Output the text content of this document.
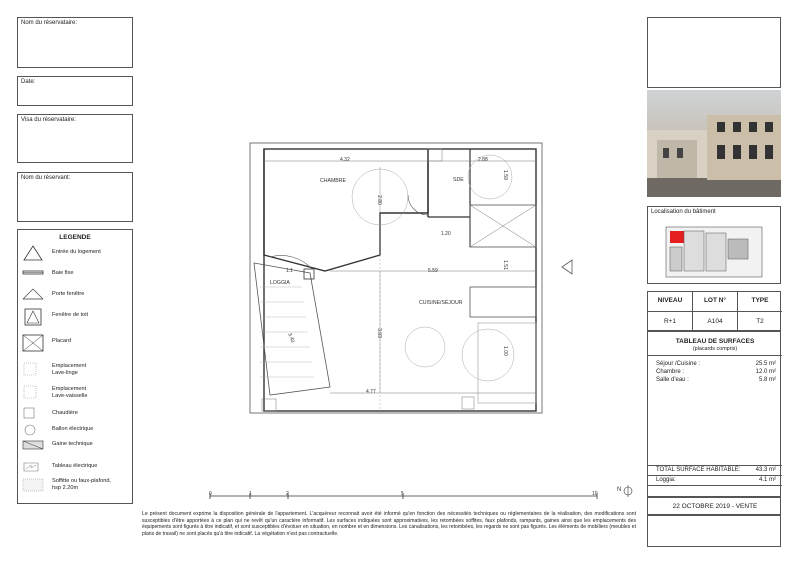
Nom du réservataire:
Date:
Visa du réservataire:
Nom du réservant:
LEGENDE
Entrée du logement
Baie fixe
Porte fenêtre
Fenêtre de toit
Placard
Emplacement
Lave-linge
Emplacement
Lave-vaisselle
Chaudière
Ballon électrique
Gaine technique
Tableau électrique
Soffitte ou faux-plafond,
hsp 2.20m
CHAMBRE	SDE
CUISINE/SÉJOUR
LOGGIA
4.32	2.88
2.80
1.59
1.20
5.59
1.51
3.93
3.40
1.00
4.77
1.1
0	1	2	5	10
N
Le présent document exprime la disposition générale de l'appartement. L'acquéreur reconnait avoir été informé qu'en fonction des nécessités techniques ou réglementaires de la réalisation, des modifications sont susceptibles d'être apportées à ce plan qui ne revêt qu'un caractère informatif. Les surfaces indiquées sont approximatives, les retombées soffites, faux plafonds, rampants, gaines ainsi que les emplacements des équipements sont figurés à titre indicatif, et sont susceptibles d'évoluer en situation, en nombre et en dimensions. Les canalisations, les retombées, les regards ne sont pas figurés. Les éléments de mobiliers (meubles et plans de travail) ne sont placés qu'à titre indicatif. La végétation n'est pas contractuelle.
Localisation du bâtiment
NIVEAU	LOT N°	TYPE
R+1	A104	T2
TABLEAU DE SURFACES
(placards compris)
Séjour /Cuisine :	25.5 m²
Chambre :	12.0 m²
Salle d'eau :	5.8 m²
TOTAL SURFACE HABITABLE:	43.3 m²
Loggia:	4.1 m²
22 OCTOBRE 2019 - VENTE
